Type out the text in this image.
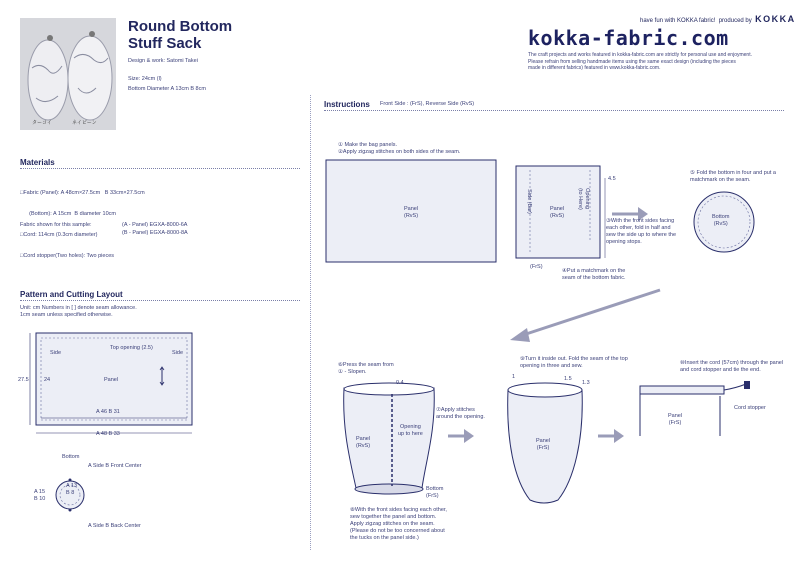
ターコイ	ネイビーン
Round Bottom
Stuff Sack
Design & work: Satomi Takei
Size: 24cm (l)
Bottom Diameter A 13cm B 8cm
have fun with KOKKA fabric! produced by KOKKA
kokka-fabric.com
The craft projects and works featured in kokka-fabric.com are strictly for personal use and enjoyment.
Please refrain from selling handmade items using the same exact design (including the pieces
made in different fabrics) featured in www.kokka-fabric.com.
Materials

□Fabric (Panel): A 48cm×27.5cm   B 33cm×27.5cm

(Bottom): A 15cm  B diameter 10cm

□Cord: 114cm (0.3cm diameter)

□Cord stopper(Two holes): Two pieces

Fabric shown for this sample:	(A - Panel) EGXA-8000-6A
(B - Panel) EGXA-8000-8A
Pattern and Cutting Layout
Unit: cm Numbers in [ ] denote seam allowance.
1cm seam unless specified otherwise.
Top opening (2.5)
Side	Side
Panel
27.5	24
A 46 B 31
A 48 B 33
Bottom
A Side B Front Center
A Side B Back Center
A 15
B 10
A 13
B 8
Instructions Front Side : (FrS), Reverse Side (RvS)
① Make the bag panels.
②Apply zigzag stitches on both sides of the seam.
Panel
(RvS)
Side (Bar)	Panel
(RvS)
Opening
(to Here)
4.5
③With the front sides facing each other, fold in half and sew the side up to where the opening stops.
(FrS)
④Put a matchmark on the seam of the bottom fabric.
⑤ Fold the bottom in four and put a matchmark on the seam.
Bottom
(RvS)
⑥Press the seam from ① - Slopen.
0.4
⑦Apply stitches around the opening.
Panel
(RvS)
Opening
up to here
Bottom
(FrS)
⑧With the front sides facing each other, sew together the panel and bottom. Apply zigzag stitches on the seam. (Please do not be too concerned about the tucks on the panel side.)
⑨Turn it inside out. Fold the seam of the top opening in three and sew.
1	1.5
1.3
Panel
(FrS)
⑩Insert the cord (57cm) through the panel and cord stopper and tie the end.
Panel
(FrS)
Cord stopper
